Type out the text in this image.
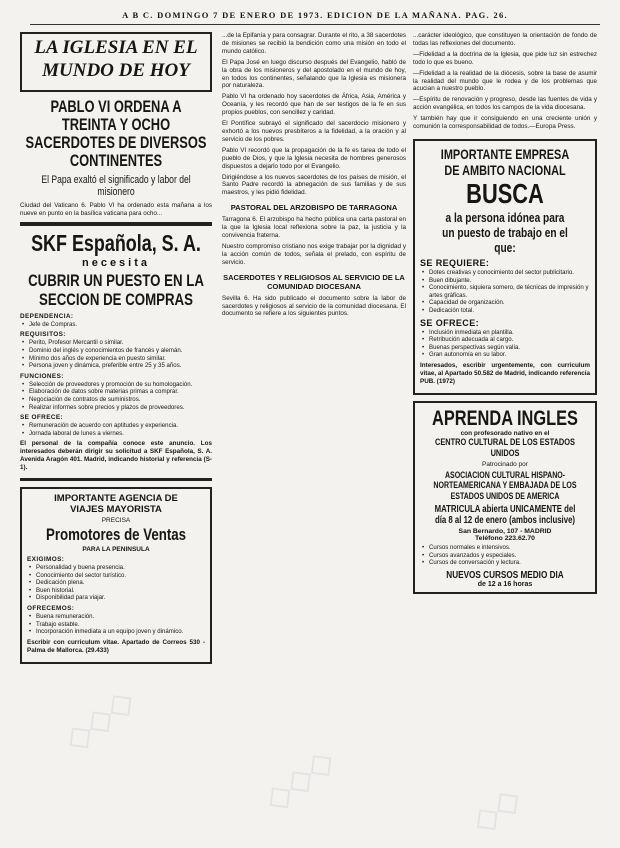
A B C. DOMINGO 7 DE ENERO DE 1973. EDICION DE LA MAÑANA. PAG. 26.
LA IGLESIA EN EL
MUNDO DE HOY
PABLO VI ORDENA A TREINTA Y OCHO SACERDOTES DE DIVERSOS CONTINENTES
El Papa exaltó el significado y labor del misionero

Ciudad del Vaticano 6. Pablo VI ha ordenado esta mañana a los nueve en punto en la basílica vaticana para ocho...

SKF Española, S. A.
necesita
CUBRIR UN PUESTO EN LA SECCION DE COMPRAS
DEPENDENCIA:

• Jefe de Compras.

REQUISITOS:

• Perito, Profesor Mercantil o similar.

• Dominio del inglés y conocimientos de francés y alemán.

• Mínimo dos años de experiencia en puesto similar.

• Persona joven y dinámica, preferible entre 25 y 35 años.

FUNCIONES:

• Selección de proveedores y promoción de su homologación.

• Elaboración de datos sobre materias primas a comprar.

• Negociación de contratos de suministros.

• Realizar informes sobre precios y plazos de proveedores.

SE OFRECE:

• Remuneración de acuerdo con aptitudes y experiencia.

• Jornada laboral de lunes a viernes.

El personal de la compañía conoce este anuncio. Los interesados deberán dirigir su solicitud a SKF Española, S. A. Avenida Aragón 401. Madrid, indicando historial y referencia (S-1).

IMPORTANTE AGENCIA DE
VIAJES MAYORISTA
PRECISA
Promotores de Ventas
PARA LA PENINSULA
EXIGIMOS:

• Personalidad y buena presencia.

• Conocimiento del sector turístico.

• Dedicación plena.

• Buen historial.

• Disponibilidad para viajar.

OFRECEMOS:

• Buena remuneración.

• Trabajo estable.

• Incorporación inmediata a un equipo joven y dinámico.

Escribir con curriculum vitae. Apartado de Correos 530 - Palma de Mallorca. (29.433)

...de la Epifanía y para consagrar. Durante el rito, a 38 sacerdotes de misiones se recibió la bendición como una misión en todo el mundo católico.

El Papa José en luego discurso después del Evangelio, habló de la obra de los misioneros y del apostolado en el mundo de hoy, en todos los continentes, señalando que la Iglesia es misionera por naturaleza.

Pablo VI ha ordenado hoy sacerdotes de África, Asia, América y Oceanía, y les recordó que han de ser testigos de la fe en sus propios pueblos, con sencillez y caridad.

El Pontífice subrayó el significado del sacerdocio misionero y exhortó a los nuevos presbíteros a la fidelidad, a la oración y al servicio de los pobres.

Pablo VI recordó que la propagación de la fe es tarea de todo el pueblo de Dios, y que la Iglesia necesita de hombres generosos dispuestos a dejarlo todo por el Evangelio.

Dirigiéndose a los nuevos sacerdotes de los países de misión, el Santo Padre recordó la abnegación de sus familias y de sus maestros, y les pidió fidelidad.

PASTORAL DEL ARZOBISPO DE TARRAGONA

Tarragona 6. El arzobispo ha hecho pública una carta pastoral en la que la Iglesia local reflexiona sobre la paz, la justicia y la convivencia fraterna.

Nuestro compromiso cristiano nos exige trabajar por la dignidad y la acción común de todos, señala el prelado, con espíritu de servicio.

SACERDOTES Y RELIGIOSOS AL SERVICIO DE LA COMUNIDAD DIOCESANA

Sevilla 6. Ha sido publicado el documento sobre la labor de sacerdotes y religiosos al servicio de la comunidad diocesana. El documento se refiere a los siguientes puntos.

...carácter ideológico, que constituyen la orientación de fondo de todas las reflexiones del documento.

—Fidelidad a la doctrina de la Iglesia, que pide luz sin estrechez todo lo que es bueno.

—Fidelidad a la realidad de la diócesis, sobre la base de asumir la realidad del mundo que le rodea y de los problemas que acucian a nuestro pueblo.

—Espíritu de renovación y progreso, desde las fuentes de vida y acción evangélica, en todos los campos de la vida diocesana.

Y también hay que ir consiguiendo en una creciente unión y comunión la corresponsabilidad de todos.—Europa Press.

IMPORTANTE EMPRESA
DE AMBITO NACIONAL
BUSCA
a la persona idónea para
un puesto de trabajo en el
que:
SE REQUIERE:

• Dotes creativas y conocimiento del sector publicitario.

• Buen dibujante.

• Conocimiento, siquiera somero, de técnicas de impresión y artes gráficas.

• Capacidad de organización.

• Dedicación total.

SE OFRECE:

• Inclusión inmediata en plantilla.

• Retribución adecuada al cargo.

• Buenas perspectivas según valía.

• Gran autonomía en su labor.

Interesados, escribir urgentemente, con curriculum vitae, al Apartado 50.582 de Madrid, indicando referencia PUB. (1972)

APRENDA INGLES
con profesorado nativo en el
CENTRO CULTURAL DE LOS ESTADOS UNIDOS
Patrocinado por
ASOCIACION CULTURAL HISPANO-NORTEAMERICANA Y EMBAJADA DE LOS ESTADOS UNIDOS DE AMERICA
MATRICULA abierta UNICAMENTE del día 8 al 12 de enero (ambos inclusive)
San Bernardo, 107 - MADRID
Teléfono 223.62.70

• Cursos normales e intensivos.

• Cursos avanzados y especiales.

• Cursos de conversación y lectura.

NUEVOS CURSOS MEDIO DIA
de 12 a 16 horas
◇◇◇
◇◇◇	◇◇
